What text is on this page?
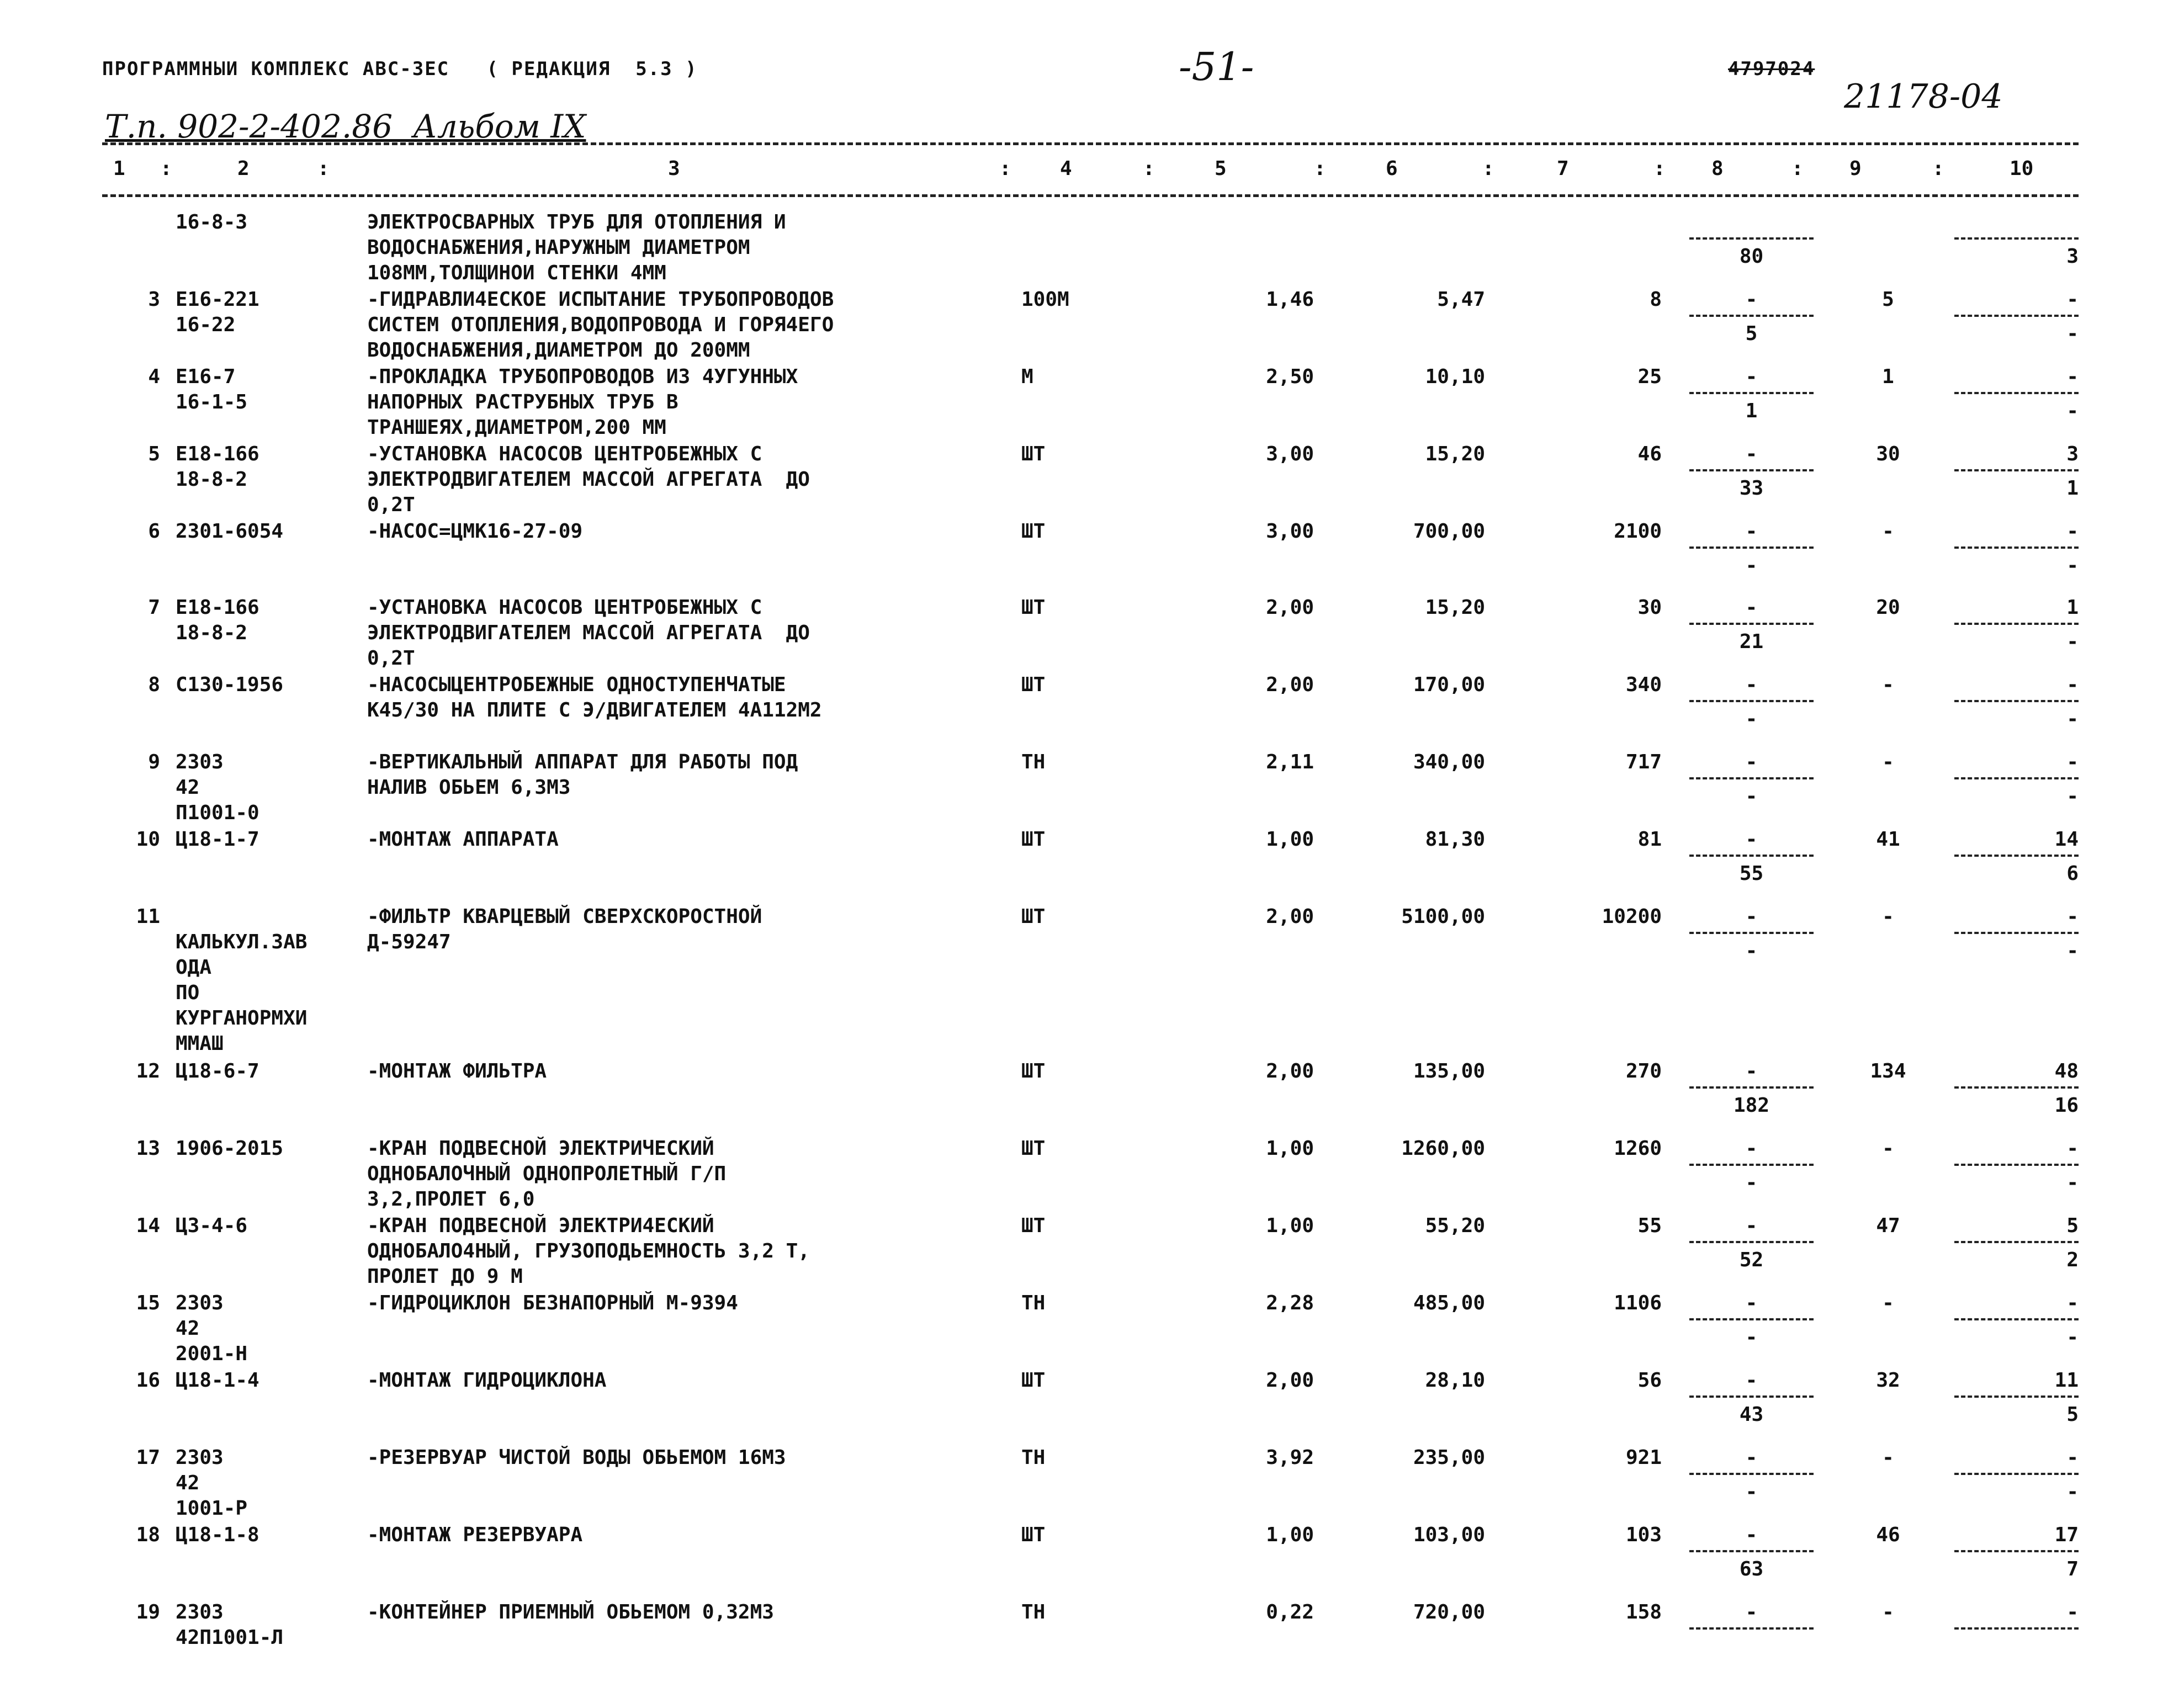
ПРОГРАММНЫИ КОМПЛЕКС АВС-ЗЕС   ( РЕДАКЦИЯ  5.3 )	-51-	4797024
21178-04
Т.п. 902-2-402.86  Альбом IX
1 :	2	:	3	: 4	:	5	:	6	:	7	: 8	: 9	:	10
16-8-3	ЭЛЕКТРОСВАРНЫХ ТРУБ ДЛЯ ОТОПЛЕНИЯ И
ВОДОСНАБЖЕНИЯ,НАРУЖНЫМ ДИАМЕТРОМ
108ММ,ТОЛЩИНОИ СТЕНКИ 4ММ
80	3
3 Е16-221
16-22
-ГИДРАВЛИ4ЕСКОЕ ИСПЫТАНИЕ ТРУБОПРОВОДОВ
СИСТЕМ ОТОПЛЕНИЯ,ВОДОПРОВОДА И ГОРЯ4ЕГО
ВОДОСНАБЖЕНИЯ,ДИАМЕТРОМ ДО 200ММ
100М	1,46	5,47	8	-	5	-
5	-
4 Е16-7
16-1-5
-ПРОКЛАДКА ТРУБОПРОВОДОВ ИЗ 4УГУННЫХ
НАПОРНЫХ РАСТРУБНЫХ ТРУБ В
ТРАНШЕЯХ,ДИАМЕТРОМ,200 ММ
М	2,50	10,10	25	-	1	-
1	-
5 Е18-166
18-8-2
-УСТАНОВКА НАСОСОВ ЦЕНТРОБЕЖНЫХ С
ЭЛЕКТРОДВИГАТЕЛЕМ МАССОЙ АГРЕГАТА  ДО
0,2Т
ШТ	3,00	15,20	46	-	30	3
33	1
6 2301-6054	-НАСОС=ЦМК16-27-09	ШТ	3,00	700,00	2100	-	-	-
-	-
7 Е18-166
18-8-2
-УСТАНОВКА НАСОСОВ ЦЕНТРОБЕЖНЫХ С
ЭЛЕКТРОДВИГАТЕЛЕМ МАССОЙ АГРЕГАТА  ДО
0,2Т
ШТ	2,00	15,20	30	-	20	1
21	-
8 С130-1956	-НАСОСЫЦЕНТРОБЕЖНЫЕ ОДНОСТУПЕНЧАТЫЕ
К45/30 НА ПЛИТЕ С Э/ДВИГАТЕЛЕМ 4А112М2
ШТ	2,00	170,00	340	-	-	-
-	-
9 2303
42
П1001-0
-ВЕРТИКАЛЬНЫЙ АППАРАТ ДЛЯ РАБОТЫ ПОД
НАЛИВ ОБЬЕМ 6,3М3
ТН	2,11	340,00	717	-	-	-
-	-
10 Ц18-1-7	-МОНТАЖ АППАРАТА	ШТ	1,00	81,30	81	-	41	14
55	6
11

КАЛЬКУЛ.ЗАВ
ОДА
ПО
КУРГАНОРМХИ
ММАШ
-ФИЛЬТР КВАРЦЕВЫЙ СВЕРХСКОРОСТНОЙ
Д-59247
ШТ	2,00	5100,00	10200	-	-	-
-	-
12 Ц18-6-7	-МОНТАЖ ФИЛЬТРА	ШТ	2,00	135,00	270	-	134	48
182	16
13 1906-2015	-КРАН ПОДВЕСНОЙ ЭЛЕКТРИЧЕСКИЙ
ОДНОБАЛОЧНЫЙ ОДНОПРОЛЕТНЫЙ Г/П
3,2,ПРОЛЕТ 6,0
ШТ	1,00	1260,00	1260	-	-	-
-	-
14 Ц3-4-6	-КРАН ПОДВЕСНОЙ ЭЛЕКТРИ4ЕСКИЙ
ОДНОБАЛО4НЫЙ, ГРУЗОПОДЬЕМНОСТЬ 3,2 Т,
ПРОЛЕТ ДО 9 М
ШТ	1,00	55,20	55	-	47	5
52	2
15 2303
42
2001-Н
-ГИДРОЦИКЛОН БЕЗНАПОРНЫЙ М-9394	ТН	2,28	485,00	1106	-	-	-
-	-
16 Ц18-1-4	-МОНТАЖ ГИДРОЦИКЛОНА	ШТ	2,00	28,10	56	-	32	11
43	5
17 2303
42
1001-Р
-РЕЗЕРВУАР ЧИСТОЙ ВОДЫ ОБЬЕМОМ 16М3	ТН	3,92	235,00	921	-	-	-
-	-
18 Ц18-1-8	-МОНТАЖ РЕЗЕРВУАРА	ШТ	1,00	103,00	103	-	46	17
63	7
19 2303
42П1001-Л
-КОНТЕЙНЕР ПРИЕМНЫЙ ОБЬЕМОМ 0,32М3	ТН	0,22	720,00	158	-	-	-
